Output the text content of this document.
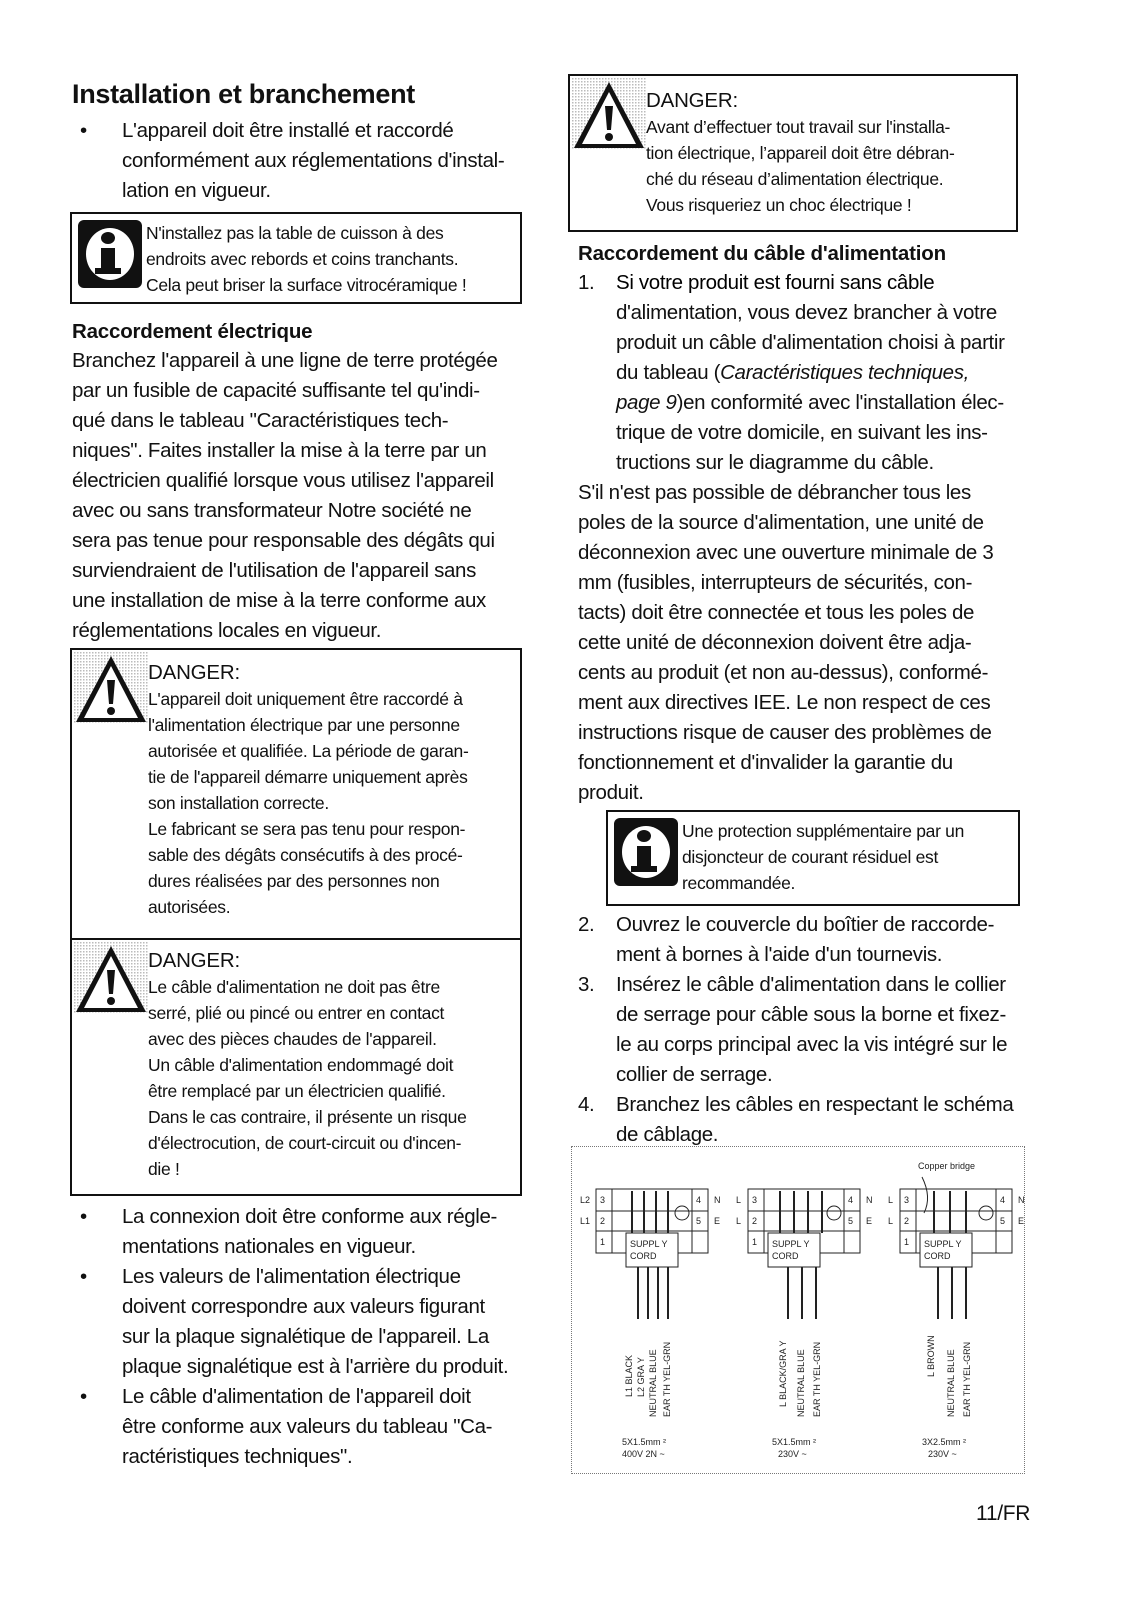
Installation et branchement
• L'appareil doit être installé et raccordé
conformément aux réglementations d'instal-
lation en vigueur.
N'installez pas la table de cuisson à des
endroits avec rebords et coins tranchants.
Cela peut briser la surface vitrocéramique !
Raccordement électrique
Branchez l'appareil à une ligne de terre protégée
par un fusible de capacité suffisante tel qu'indi-
qué dans le tableau "Caractéristiques tech-
niques". Faites installer la mise à la terre par un
électricien qualifié lorsque vous utilisez l'appareil
avec ou sans transformateur Notre société ne
sera pas tenue pour responsable des dégâts qui
surviendraient de l'utilisation de l'appareil sans
une installation de mise à la terre conforme aux
réglementations locales en vigueur.
DANGER:
L'appareil doit uniquement être raccordé à
l'alimentation électrique par une personne
autorisée et qualifiée. La période de garan-
tie de l'appareil démarre uniquement après
son installation correcte.
Le fabricant se sera pas tenu pour respon-
sable des dégâts consécutifs à des procé-
dures réalisées par des personnes non
autorisées.
DANGER:
Le câble d'alimentation ne doit pas être
serré, plié ou pincé ou entrer en contact
avec des pièces chaudes de l'appareil.
Un câble d'alimentation endommagé doit
être remplacé par un électricien qualifié.
Dans le cas contraire, il présente un risque
d'électrocution, de court-circuit ou d'incen-
die !
• La connexion doit être conforme aux régle-
mentations nationales en vigueur.
• Les valeurs de l'alimentation électrique
doivent correspondre aux valeurs figurant
sur la plaque signalétique de l'appareil. La
plaque signalétique est à l'arrière du produit.
• Le câble d'alimentation de l'appareil doit
être conforme aux valeurs du tableau "Ca-
ractéristiques techniques".
DANGER:
Avant d’effectuer tout travail sur l'installa-
tion électrique, l’appareil doit être débran-
ché du réseau d’alimentation électrique.
Vous risqueriez un choc électrique !
Raccordement du câble d'alimentation
1. Si votre produit est fourni sans câble
d'alimentation, vous devez brancher à votre
produit un câble d'alimentation choisi à partir
du tableau (Caractéristiques techniques,
page 9)en conformité avec l'installation élec-
trique de votre domicile, en suivant les ins-
tructions sur le diagramme du câble.
S'il n'est pas possible de débrancher tous les
poles de la source d'alimentation, une unité de
déconnexion avec une ouverture minimale de 3
mm (fusibles, interrupteurs de sécurités, con-
tacts) doit être connectée et tous les poles de
cette unité de déconnexion doivent être adja-
cents au produit (et non au-dessus), conformé-
ment aux directives IEE. Le non respect de ces
instructions risque de causer des problèmes de
fonctionnement et d'invalider la garantie du
produit.
Une protection supplémentaire par un
disjoncteur de courant résiduel est
recommandée.
2. Ouvrez le couvercle du boîtier de raccorde-
ment à bornes à l'aide d'un tournevis.
3. Insérez le câble d'alimentation dans le collier
de serrage pour câble sous la borne et fixez-
le au corps principal avec la vis intégré sur le
collier de serrage.
4. Branchez les câbles en respectant le schéma
de câblage.
3	4
2	5
1
L2
L1
N
E
SUPPL Y
CORD
L1 BLACK L2 GRA Y NEUTRAL BLUE EAR TH YEL-GRN
5X1.5mm ²
400V 2N ~
3	4
2	5
1
L
L
N
E
SUPPL Y
CORD
L BLACK/GRA Y NEUTRAL BLUE EAR TH YEL-GRN
5X1.5mm ²
230V ~
Copper bridge
3	4
2	5
1
L
L
N
E
SUPPL Y
CORD
L BROWN NEUTRAL BLUE EAR TH YEL-GRN
3X2.5mm ²
230V ~
11/FR
